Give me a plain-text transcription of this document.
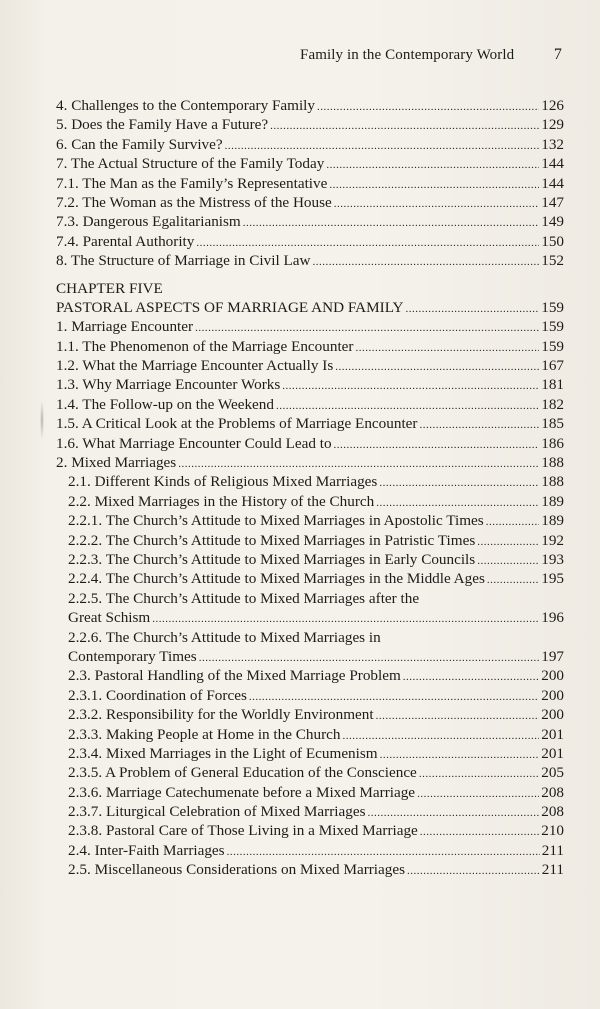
Family in the Contemporary World 7
4. Challenges to the Contemporary Family .....	126
5. Does the Family Have a Future? .....	129
6. Can the Family Survive? .....	132
7. The Actual Structure of the Family Today .....	144
7.1. The Man as the Family’s Representative .....	144
7.2. The Woman as the Mistress of the House .....	147
7.3. Dangerous Egalitarianism .....	149
7.4. Parental Authority .....	150
8. The Structure of Marriage in Civil Law .....	152
CHAPTER FIVE
PASTORAL ASPECTS OF MARRIAGE AND FAMILY .....	159
1. Marriage Encounter .....	159
1.1. The Phenomenon of the Marriage Encounter .....	159
1.2. What the Marriage Encounter Actually Is .....	167
1.3. Why Marriage Encounter Works .....	181
1.4. The Follow-up on the Weekend .....	182
1.5. A Critical Look at the Problems of Marriage Encounter .....	185
1.6. What Marriage Encounter Could Lead to .....	186
2. Mixed Marriages .....	188
2.1. Different Kinds of Religious Mixed Marriages .....	188
2.2. Mixed Marriages in the History of the Church .....	189
2.2.1. The Church’s Attitude to Mixed Marriages in Apostolic Times .....	189
2.2.2. The Church’s Attitude to Mixed Marriages in Patristic Times .....	192
2.2.3. The Church’s Attitude to Mixed Marriages in Early Councils .....	193
2.2.4. The Church’s Attitude to Mixed Marriages in the Middle Ages .....	195
2.2.5. The Church’s Attitude to Mixed Marriages after the
Great Schism .....	196
2.2.6. The Church’s Attitude to Mixed Marriages in
Contemporary Times .....	197
2.3. Pastoral Handling of the Mixed Marriage Problem .....	200
2.3.1. Coordination of Forces .....	200
2.3.2. Responsibility for the Worldly Environment .....	200
2.3.3. Making People at Home in the Church .....	201
2.3.4. Mixed Marriages in the Light of Ecumenism .....	201
2.3.5. A Problem of General Education of the Conscience .....	205
2.3.6. Marriage Catechumenate before a Mixed Marriage .....	208
2.3.7. Liturgical Celebration of Mixed Marriages .....	208
2.3.8. Pastoral Care of Those Living in a Mixed Marriage .....	210
2.4. Inter-Faith Marriages .....	211
2.5. Miscellaneous Considerations on Mixed Marriages .....	211
